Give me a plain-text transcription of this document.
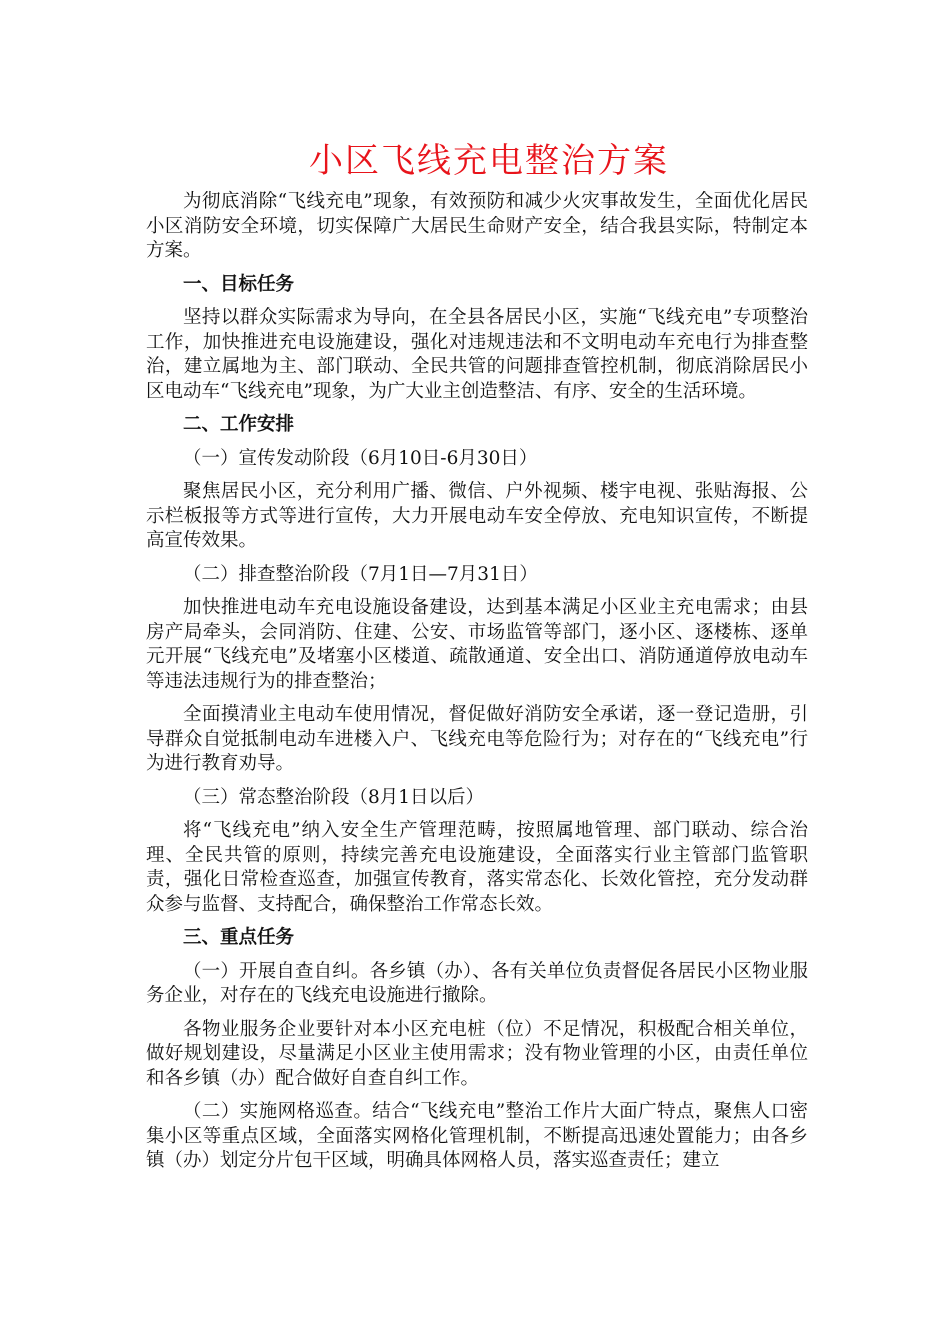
小区飞线充电整治方案

为彻底消除“飞线充电”现象，有效预防和减少火灾事故发生，全面优化居民小区消防安全环境，切实保障广大居民生命财产安全，结合我县实际，特制定本方案。

一、目标任务

坚持以群众实际需求为导向，在全县各居民小区，实施“飞线充电”专项整治工作，加快推进充电设施建设，强化对违规违法和不文明电动车充电行为排查整治，建立属地为主、部门联动、全民共管的问题排查管控机制，彻底消除居民小区电动车“飞线充电”现象，为广大业主创造整洁、有序、安全的生活环境。

二、工作安排

（一）宣传发动阶段（6月10日-6月30日）

聚焦居民小区，充分利用广播、微信、户外视频、楼宇电视、张贴海报、公示栏板报等方式等进行宣传，大力开展电动车安全停放、充电知识宣传，不断提高宣传效果。

（二）排查整治阶段（7月1日—7月31日）

加快推进电动车充电设施设备建设，达到基本满足小区业主充电需求；由县房产局牵头，会同消防、住建、公安、市场监管等部门，逐小区、逐楼栋、逐单元开展“飞线充电”及堵塞小区楼道、疏散通道、安全出口、消防通道停放电动车等违法违规行为的排查整治；

全面摸清业主电动车使用情况，督促做好消防安全承诺，逐一登记造册，引导群众自觉抵制电动车进楼入户、飞线充电等危险行为；对存在的“飞线充电”行为进行教育劝导。

（三）常态整治阶段（8月1日以后）

将“飞线充电”纳入安全生产管理范畴，按照属地管理、部门联动、综合治理、全民共管的原则，持续完善充电设施建设，全面落实行业主管部门监管职责，强化日常检查巡查，加强宣传教育，落实常态化、长效化管控，充分发动群众参与监督、支持配合，确保整治工作常态长效。

三、重点任务

（一）开展自查自纠。各乡镇（办）、各有关单位负责督促各居民小区物业服务企业，对存在的飞线充电设施进行撤除。

各物业服务企业要针对本小区充电桩（位）不足情况，积极配合相关单位，做好规划建设，尽量满足小区业主使用需求；没有物业管理的小区，由责任单位和各乡镇（办）配合做好自查自纠工作。

（二）实施网格巡查。结合“飞线充电”整治工作片大面广特点，聚焦人口密集小区等重点区域，全面落实网格化管理机制，不断提高迅速处置能力；由各乡镇（办）划定分片包干区域，明确具体网格人员，落实巡查责任；建立
